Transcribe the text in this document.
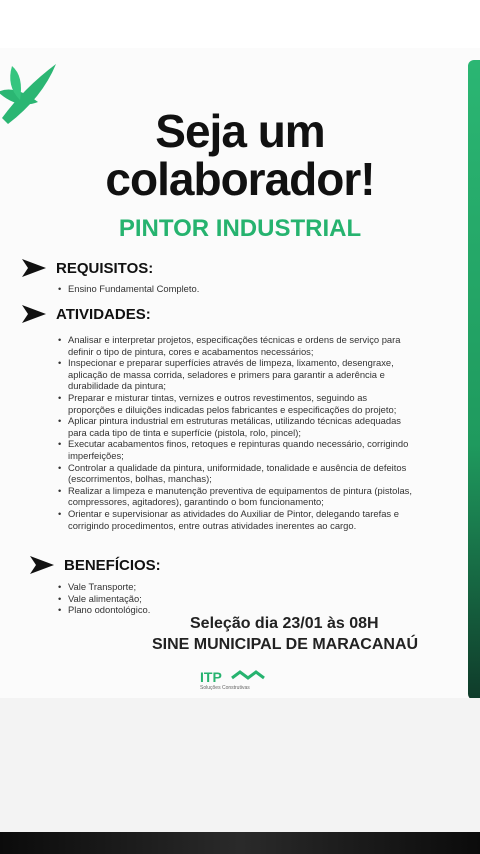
Seja um
colaborador!
PINTOR INDUSTRIAL
REQUISITOS:
• Ensino Fundamental Completo.
ATIVIDADES:
• Analisar e interpretar projetos, especificações técnicas e ordens de serviço para definir o tipo de pintura, cores e acabamentos necessários;
• Inspecionar e preparar superfícies através de limpeza, lixamento, desengraxe, aplicação de massa corrida, seladores e primers para garantir a aderência e durabilidade da pintura;
• Preparar e misturar tintas, vernizes e outros revestimentos, seguindo as proporções e diluições indicadas pelos fabricantes e especificações do projeto;
• Aplicar pintura industrial em estruturas metálicas, utilizando técnicas adequadas para cada tipo de tinta e superfície (pistola, rolo, pincel);
• Executar acabamentos finos, retoques e repinturas quando necessário, corrigindo imperfeições;
• Controlar a qualidade da pintura, uniformidade, tonalidade e ausência de defeitos (escorrimentos, bolhas, manchas);
• Realizar a limpeza e manutenção preventiva de equipamentos de pintura (pistolas, compressores, agitadores), garantindo o bom funcionamento;
• Orientar e supervisionar as atividades do Auxiliar de Pintor, delegando tarefas e corrigindo procedimentos, entre outras atividades inerentes ao cargo.
BENEFÍCIOS:
• Vale Transporte;
• Vale alimentação;
• Plano odontológico.
Seleção dia 23/01 às 08H
SINE MUNICIPAL DE MARACANAÚ
ITP
Soluções Construtivas
